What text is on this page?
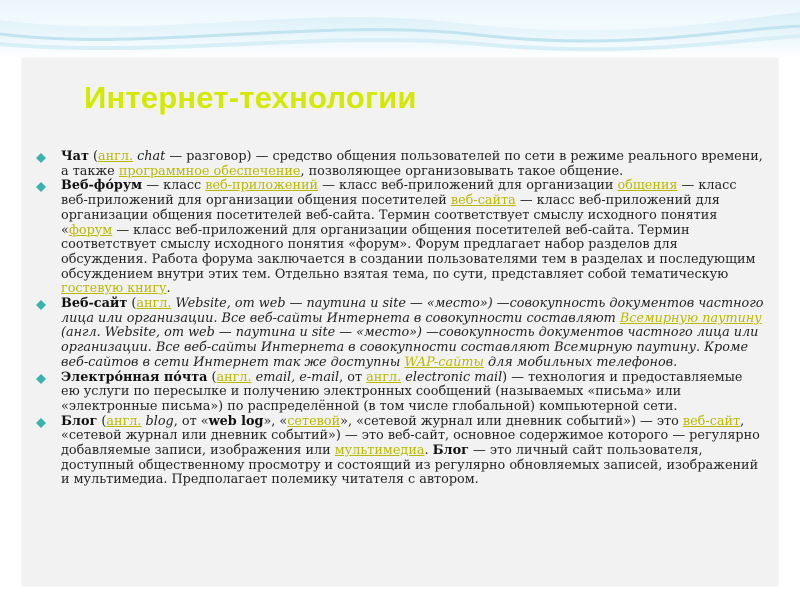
Интернет-технологии
Чат (англ. chat — разговор) — средство общения пользователей по сети в режиме реального времени, а также программное обеспечение, позволяющее организовывать такое общение.
Веб-фо́рум — класс веб-приложений — класс веб-приложений для организации общения — класс веб-приложений для организации общения посетителей веб-сайта — класс веб-приложений для организации общения посетителей веб-сайта. Термин соответствует смыслу исходного понятия «форум — класс веб-приложений для организации общения посетителей веб-сайта. Термин соответствует смыслу исходного понятия «форум». Форум предлагает набор разделов для обсуждения. Работа форума заключается в создании пользователями тем в разделах и последующим обсуждением внутри этих тем. Отдельно взятая тема, по сути, представляет собой тематическую гостевую книгу.
Веб-сайт (англ. Website, от web — паутина и site — «место») —совокупность документов частного лица или организации. Все веб-сайты Интернета в совокупности составляют Всемирную паутину (англ. Website, от web — паутина и site — «место») —совокупность документов частного лица или организации. Все веб-сайты Интернета в совокупности составляют Всемирную паутину. Кроме веб-сайтов в сети Интернет так же доступны WAP-сайты для мобильных телефонов.
Электро́нная по́чта (англ. email, e-mail, от англ. electronic mail) — технология и предоставляемые ею услуги по пересылке и получению электронных сообщений (называемых «письма» или «электронные письма») по распределённой (в том числе глобальной) компьютерной сети.
Блог (англ. blog, от «web log», «сетевой», «сетевой журнал или дневник событий») — это веб-сайт, «сетевой журнал или дневник событий») — это веб-сайт, основное содержимое которого — регулярно добавляемые записи, изображения или мультимедиа. Блог — это личный сайт пользователя, доступный общественному просмотру и состоящий из регулярно обновляемых записей, изображений и мультимедиа. Предполагает полемику читателя с автором.
